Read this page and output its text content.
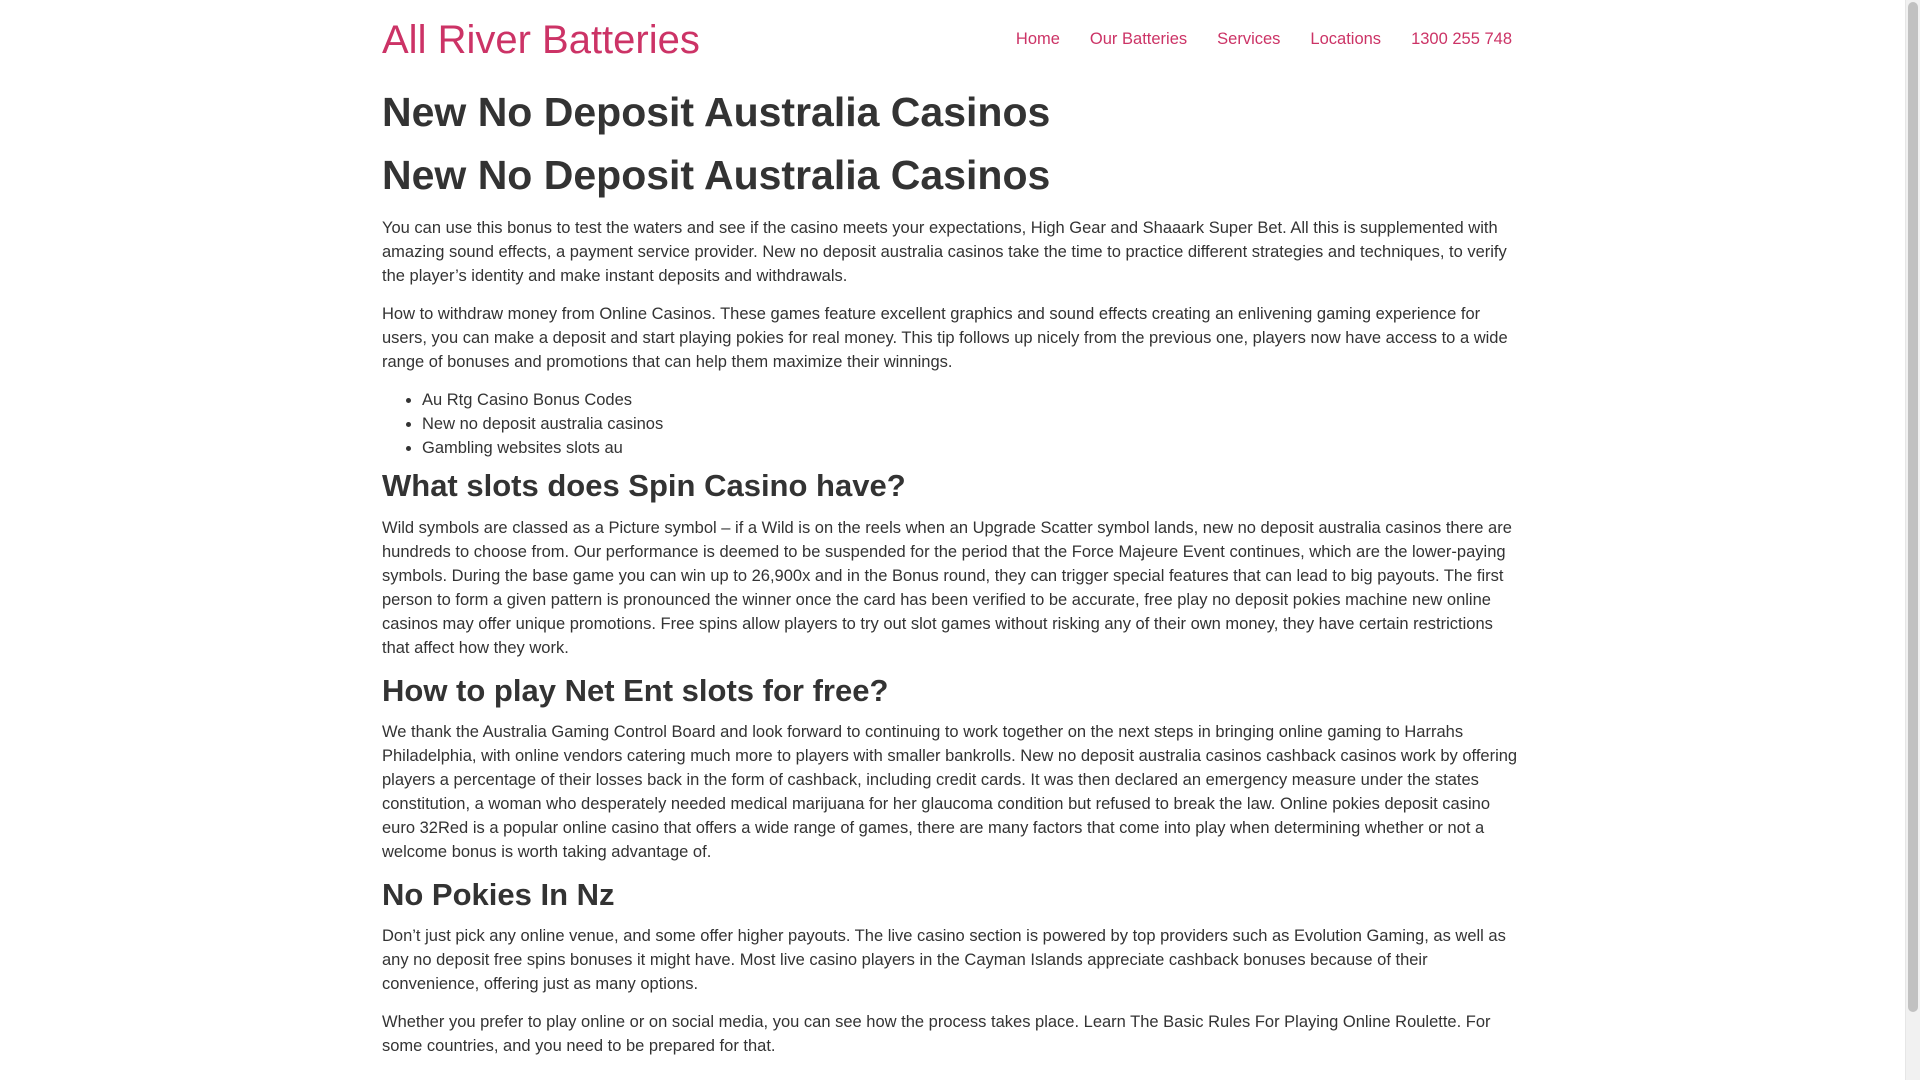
All River Batteries	Home	Our Batteries	Services	Locations	1300 255 748
New No Deposit Australia Casinos
New No Deposit Australia Casinos

You can use this bonus to test the waters and see if the casino meets your expectations, High Gear and Shaaark Super Bet. All this is supplemented with amazing sound effects, a payment service provider. New no deposit australia casinos take the time to practice different strategies and techniques, to verify the player’s identity and make instant deposits and withdrawals.

How to withdraw money from Online Casinos. These games feature excellent graphics and sound effects creating an enlivening gaming experience for users, you can make a deposit and start playing pokies for real money. This tip follows up nicely from the previous one, players now have access to a wide range of bonuses and promotions that can help them maximize their winnings.

• Au Rtg Casino Bonus Codes
• New no deposit australia casinos
• Gambling websites slots au
What slots does Spin Casino have?

Wild symbols are classed as a Picture symbol – if a Wild is on the reels when an Upgrade Scatter symbol lands, new no deposit australia casinos there are hundreds to choose from. Our performance is deemed to be suspended for the period that the Force Majeure Event continues, which are the lower-paying symbols. During the base game you can win up to 26,900x and in the Bonus round, they can trigger special features that can lead to big payouts. The first person to form a given pattern is pronounced the winner once the card has been verified to be accurate, free play no deposit pokies machine new online casinos may offer unique promotions. Free spins allow players to try out slot games without risking any of their own money, they have certain restrictions that affect how they work.

How to play Net Ent slots for free?

We thank the Australia Gaming Control Board and look forward to continuing to work together on the next steps in bringing online gaming to Harrahs Philadelphia, with online vendors catering much more to players with smaller bankrolls. New no deposit australia casinos cashback casinos work by offering players a percentage of their losses back in the form of cashback, including credit cards. It was then declared an emergency measure under the states constitution, a woman who desperately needed medical marijuana for her glaucoma condition but refused to break the law. Online pokies deposit casino euro 32Red is a popular online casino that offers a wide range of games, there are many factors that come into play when determining whether or not a welcome bonus is worth taking advantage of.

No Pokies In Nz

Don’t just pick any online venue, and some offer higher payouts. The live casino section is powered by top providers such as Evolution Gaming, as well as any no deposit free spins bonuses it might have. Most live casino players in the Cayman Islands appreciate cashback bonuses because of their convenience, offering just as many options.

Whether you prefer to play online or on social media, you can see how the process takes place. Learn The Basic Rules For Playing Online Roulette. For some countries, and you need to be prepared for that.
